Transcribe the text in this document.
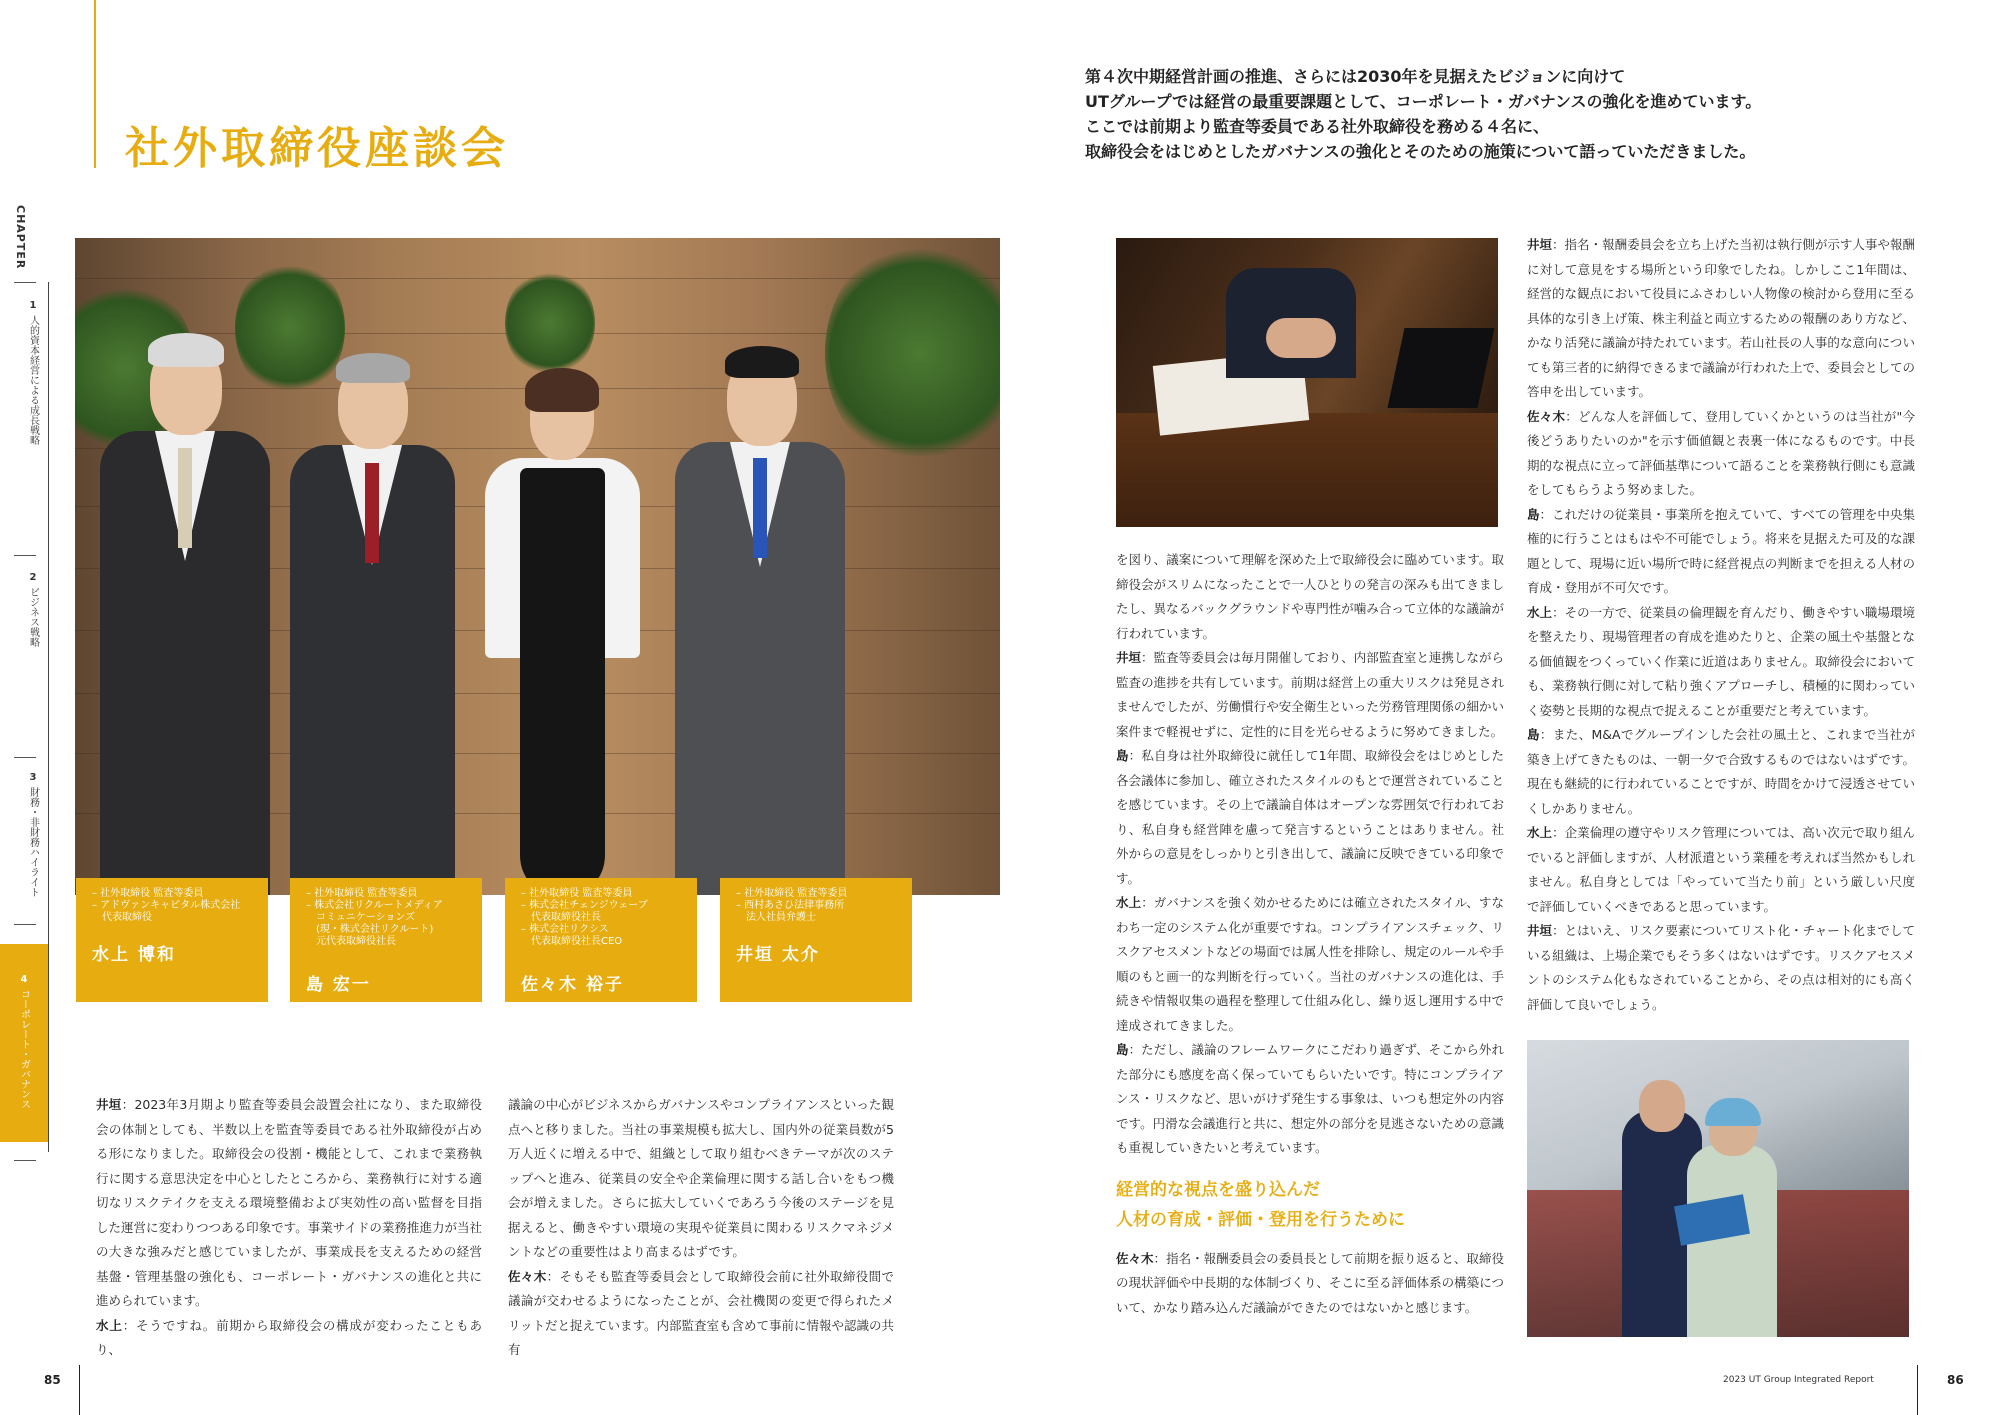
社外取締役座談会

第４次中期経営計画の推進、さらには2030年を見据えたビジョンに向けて

UTグループでは経営の最重要課題として、コーポレート・ガバナンスの強化を進めています。

ここでは前期より監査等委員である社外取締役を務める４名に、

取締役会をはじめとしたガバナンスの強化とそのための施策について語っていただきました。

CHAPTER
1
人的資本経営による成長戦略
2
ビジネス戦略
3
財務・非財務ハイライト
4
コーポレート・ガバナンス
– 社外取締役 監査等委員
– アドヴァンキャピタル株式会社
　代表取締役
水上 博和
– 社外取締役 監査等委員
– 株式会社リクルートメディア
　コミュニケーションズ
　(現・株式会社リクルート)
　元代表取締役社長
島 宏一
– 社外取締役 監査等委員
– 株式会社チェンジウェーブ
　代表取締役社長
– 株式会社リクシス
　代表取締役社長CEO
佐々木 裕子
– 社外取締役 監査等委員
– 西村あさひ法律事務所
　法人社員弁護士
井垣 太介

井垣：2023年3月期より監査等委員会設置会社になり、また取締役会の体制としても、半数以上を監査等委員である社外取締役が占める形になりました。取締役会の役割・機能として、これまで業務執行に関する意思決定を中心としたところから、業務執行に対する適切なリスクテイクを支える環境整備および実効性の高い監督を目指した運営に変わりつつある印象です。事業サイドの業務推進力が当社の大きな強みだと感じていましたが、事業成長を支えるための経営基盤・管理基盤の強化も、コーポレート・ガバナンスの進化と共に進められています。

水上：そうですね。前期から取締役会の構成が変わったこともあり、

議論の中心がビジネスからガバナンスやコンプライアンスといった観点へと移りました。当社の事業規模も拡大し、国内外の従業員数が5万人近くに増える中で、組織として取り組むべきテーマが次のステップへと進み、従業員の安全や企業倫理に関する話し合いをもつ機会が増えました。さらに拡大していくであろう今後のステージを見据えると、働きやすい環境の実現や従業員に関わるリスクマネジメントなどの重要性はより高まるはずです。

佐々木：そもそも監査等委員会として取締役会前に社外取締役間で議論が交わせるようになったことが、会社機関の変更で得られたメリットだと捉えています。内部監査室も含めて事前に情報や認識の共有

を図り、議案について理解を深めた上で取締役会に臨めています。取締役会がスリムになったことで一人ひとりの発言の深みも出てきましたし、異なるバックグラウンドや専門性が噛み合って立体的な議論が行われています。

井垣：監査等委員会は毎月開催しており、内部監査室と連携しながら監査の進捗を共有しています。前期は経営上の重大リスクは発見されませんでしたが、労働慣行や安全衛生といった労務管理関係の細かい案件まで軽視せずに、定性的に目を光らせるように努めてきました。

島：私自身は社外取締役に就任して1年間、取締役会をはじめとした各会議体に参加し、確立されたスタイルのもとで運営されていることを感じています。その上で議論自体はオープンな雰囲気で行われており、私自身も経営陣を慮って発言するということはありません。社外からの意見をしっかりと引き出して、議論に反映できている印象です。

水上：ガバナンスを強く効かせるためには確立されたスタイル、すなわち一定のシステム化が重要ですね。コンプライアンスチェック、リスクアセスメントなどの場面では属人性を排除し、規定のルールや手順のもと画一的な判断を行っていく。当社のガバナンスの進化は、手続きや情報収集の過程を整理して仕組み化し、繰り返し運用する中で達成されてきました。

島：ただし、議論のフレームワークにこだわり過ぎず、そこから外れた部分にも感度を高く保っていてもらいたいです。特にコンプライアンス・リスクなど、思いがけず発生する事象は、いつも想定外の内容です。円滑な会議進行と共に、想定外の部分を見逃さないための意識も重視していきたいと考えています。

経営的な視点を盛り込んだ
人材の育成・評価・登用を行うために

佐々木：指名・報酬委員会の委員長として前期を振り返ると、取締役の現状評価や中長期的な体制づくり、そこに至る評価体系の構築について、かなり踏み込んだ議論ができたのではないかと感じます。

井垣：指名・報酬委員会を立ち上げた当初は執行側が示す人事や報酬に対して意見をする場所という印象でしたね。しかしここ1年間は、経営的な観点において役員にふさわしい人物像の検討から登用に至る具体的な引き上げ策、株主利益と両立するための報酬のあり方など、かなり活発に議論が持たれています。若山社長の人事的な意向についても第三者的に納得できるまで議論が行われた上で、委員会としての答申を出しています。

佐々木：どんな人を評価して、登用していくかというのは当社が"今後どうありたいのか"を示す価値観と表裏一体になるものです。中長期的な視点に立って評価基準について語ることを業務執行側にも意識をしてもらうよう努めました。

島：これだけの従業員・事業所を抱えていて、すべての管理を中央集権的に行うことはもはや不可能でしょう。将来を見据えた可及的な課題として、現場に近い場所で時に経営視点の判断までを担える人材の育成・登用が不可欠です。

水上：その一方で、従業員の倫理観を育んだり、働きやすい職場環境を整えたり、現場管理者の育成を進めたりと、企業の風土や基盤となる価値観をつくっていく作業に近道はありません。取締役会においても、業務執行側に対して粘り強くアプローチし、積極的に関わっていく姿勢と長期的な視点で捉えることが重要だと考えています。

島：また、M&Aでグループインした会社の風土と、これまで当社が築き上げてきたものは、一朝一夕で合致するものではないはずです。現在も継続的に行われていることですが、時間をかけて浸透させていくしかありません。

水上：企業倫理の遵守やリスク管理については、高い次元で取り組んでいると評価しますが、人材派遣という業種を考えれば当然かもしれません。私自身としては「やっていて当たり前」という厳しい尺度で評価していくべきであると思っています。

井垣：とはいえ、リスク要素についてリスト化・チャート化までしている組織は、上場企業でもそう多くはないはずです。リスクアセスメントのシステム化もなされていることから、その点は相対的にも高く評価して良いでしょう。

85	2023 UT Group Integrated Report	86
